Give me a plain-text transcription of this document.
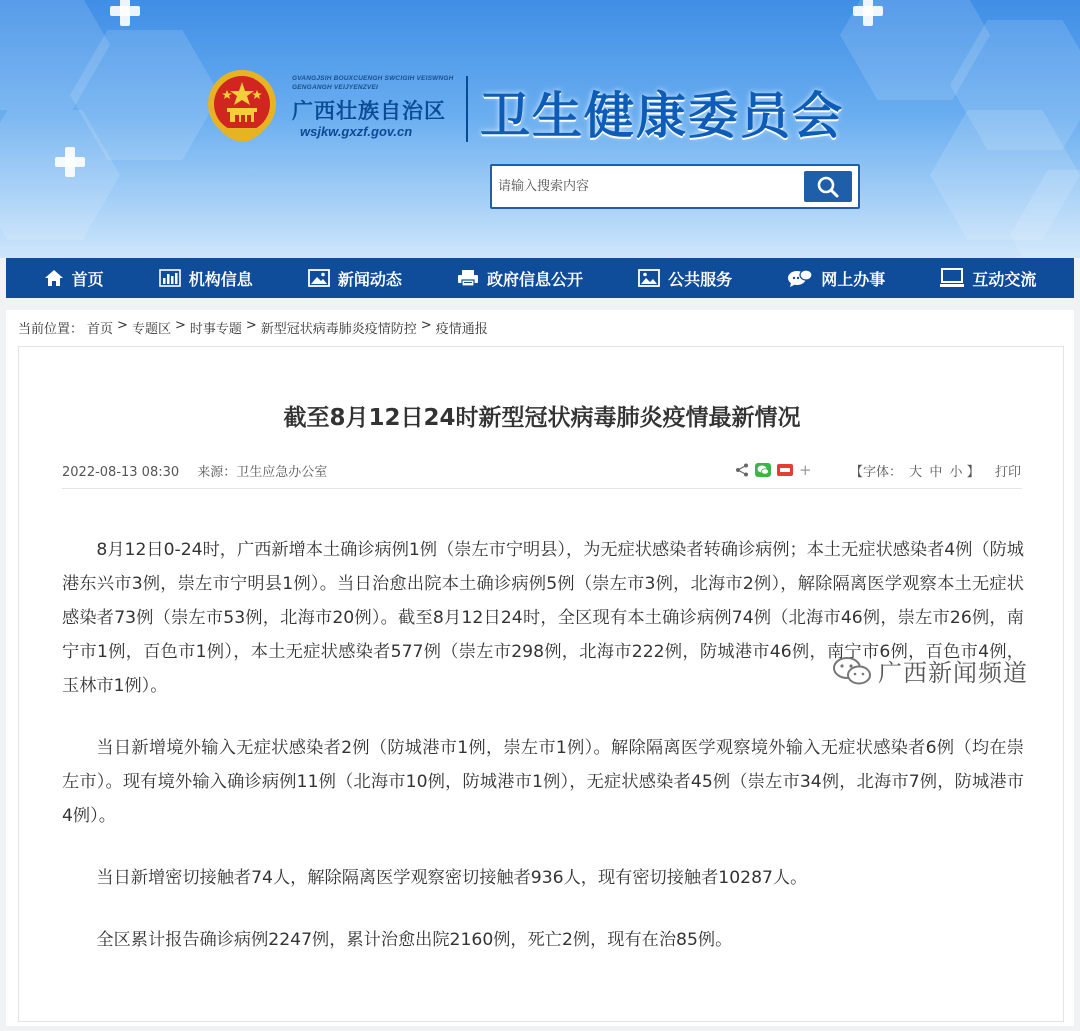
GVANGJSIH BOUXCUENGH SWCIGIH VEISWNGH GENGANGH VEIJYENZVEI
广西壮族自治区
wsjkw.gxzf.gov.cn 卫生健康委员会
请输入搜索内容
首页	机构信息	新闻动态	政府信息公开	公共服务	网上办事	互动交流
当前位置： 首页 > 专题区 > 时事专题 > 新型冠状病毒肺炎疫情防控 > 疫情通报
截至8月12日24时新型冠状病毒肺炎疫情最新情况
2022-08-13 08:30 来源：卫生应急办公室	+	【字体： 大 中 小 】 打印

8月12日0-24时，广西新增本土确诊病例1例（崇左市宁明县），为无症状感染者转确诊病例；本土无症状感染者4例（防城港东兴市3例，崇左市宁明县1例）。当日治愈出院本土确诊病例5例（崇左市3例，北海市2例），解除隔离医学观察本土无症状感染者73例（崇左市53例，北海市20例）。截至8月12日24时，全区现有本土确诊病例74例（北海市46例，崇左市26例，南宁市1例，百色市1例），本土无症状感染者577例（崇左市298例，北海市222例，防城港市46例，南宁市6例，百色市4例，玉林市1例）。

当日新增境外输入无症状感染者2例（防城港市1例，崇左市1例）。解除隔离医学观察境外输入无症状感染者6例（均在崇左市）。现有境外输入确诊病例11例（北海市10例，防城港市1例），无症状感染者45例（崇左市34例，北海市7例，防城港市4例）。

当日新增密切接触者74人，解除隔离医学观察密切接触者936人，现有密切接触者10287人。

全区累计报告确诊病例2247例，累计治愈出院2160例，死亡2例，现有在治85例。

广西新闻频道
